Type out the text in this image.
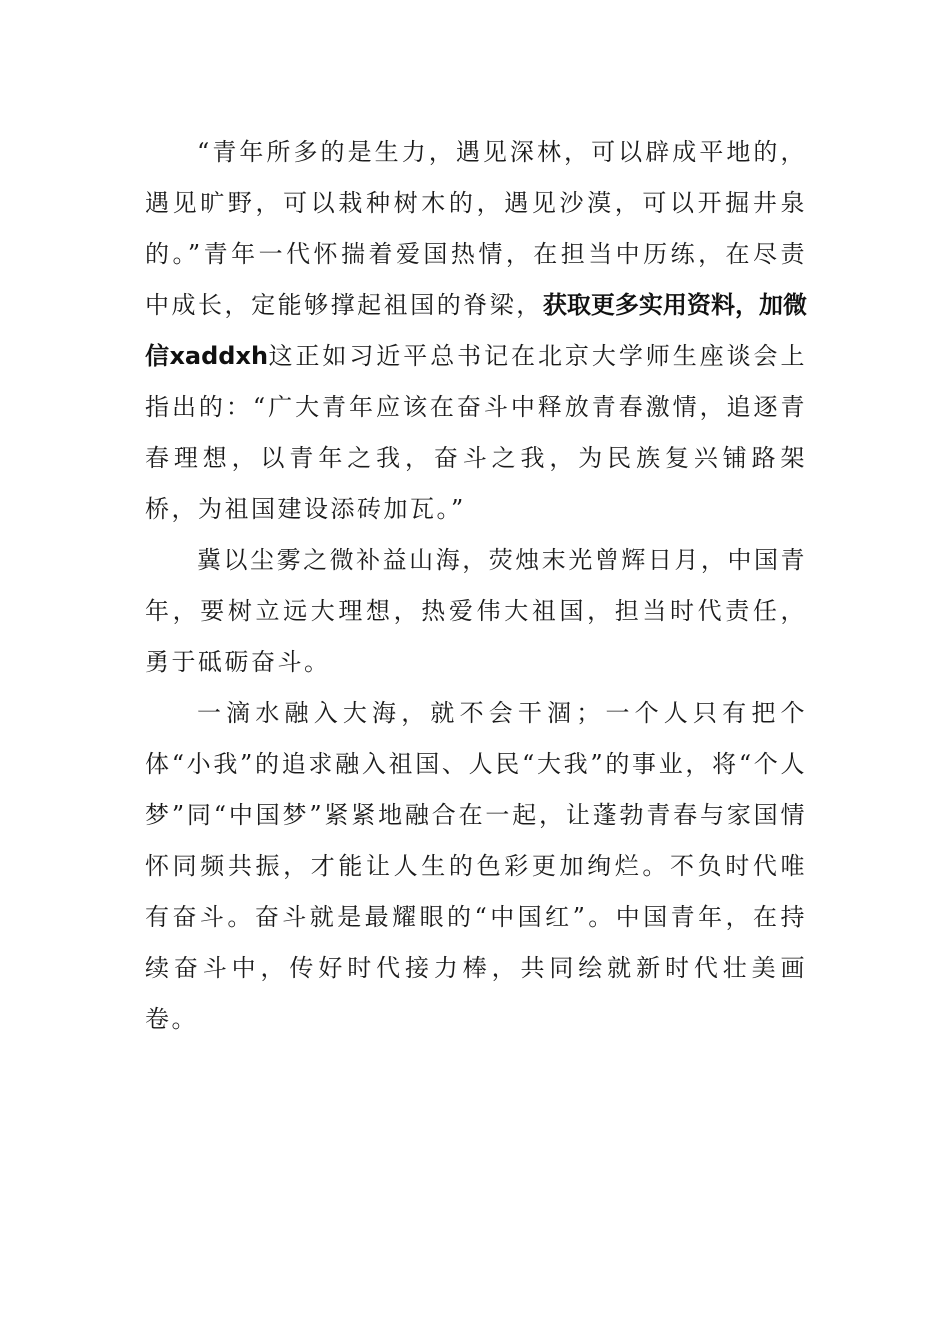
“青年所多的是生力，遇见深林，可以辟成平地的，遇见旷野，可以栽种树木的，遇见沙漠，可以开掘井泉的。”青年一代怀揣着爱国热情，在担当中历练，在尽责中成长，定能够撑起祖国的脊梁，获取更多实用资料，加微信xaddxh这正如习近平总书记在北京大学师生座谈会上指出的：“广大青年应该在奋斗中释放青春激情，追逐青春理想，以青年之我，奋斗之我，为民族复兴铺路架桥，为祖国建设添砖加瓦。”

冀以尘雾之微补益山海，荧烛末光曾辉日月，中国青年，要树立远大理想，热爱伟大祖国，担当时代责任，勇于砥砺奋斗。

一滴水融入大海，就不会干涸；一个人只有把个体“小我”的追求融入祖国、人民“大我”的事业，将“个人梦”同“中国梦”紧紧地融合在一起，让蓬勃青春与家国情怀同频共振，才能让人生的色彩更加绚烂。不负时代唯有奋斗。奋斗就是最耀眼的“中国红”。中国青年，在持续奋斗中，传好时代接力棒，共同绘就新时代壮美画卷。
